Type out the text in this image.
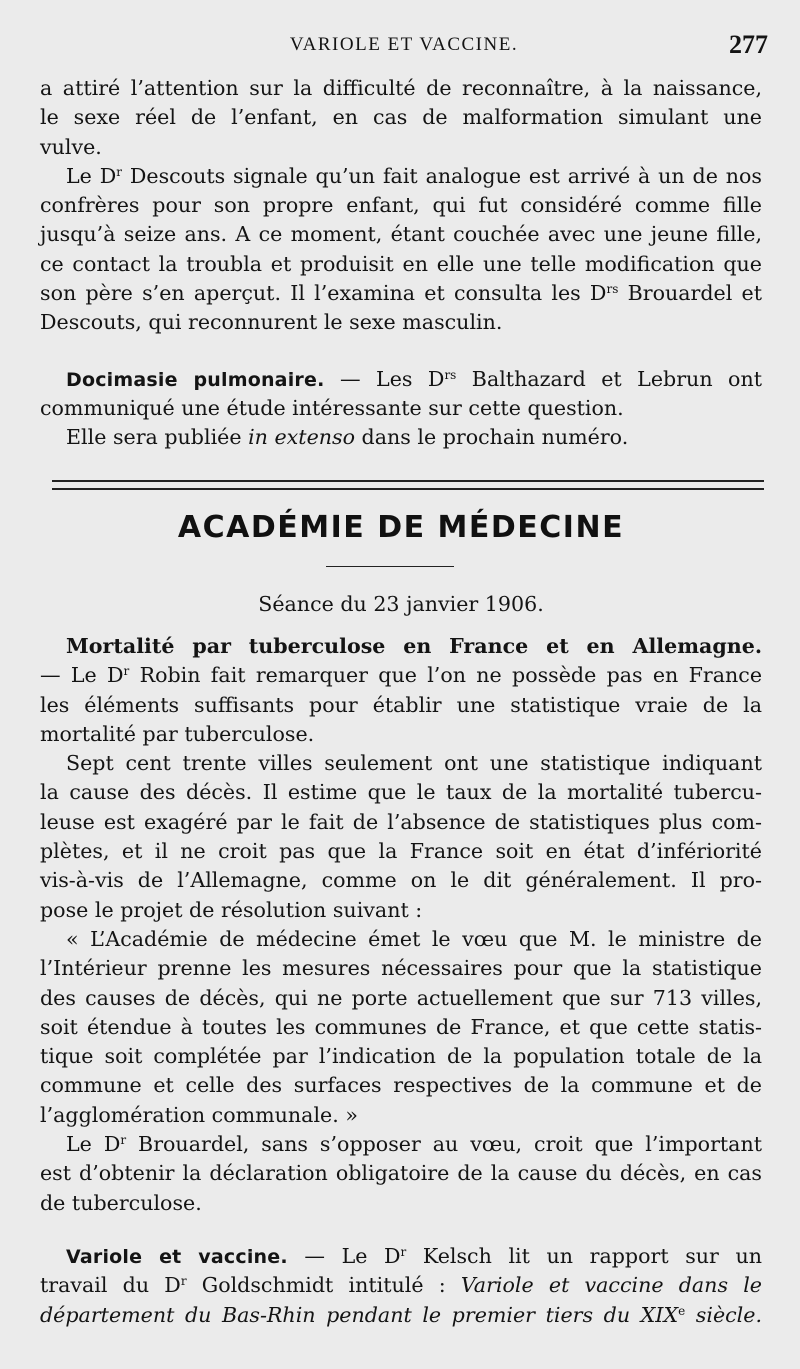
VARIOLE ET VACCINE.	277
a attiré l’attention sur la difficulté de reconnaître, à la naissance,
le sexe réel de l’enfant, en cas de malformation simulant une
vulve.
Le $D^r$ Descouts signale qu’un fait analogue est arrivé à un de nos
confrères pour son propre enfant, qui fut considéré comme fille
jusqu’à seize ans. A ce moment, étant couchée avec une jeune fille,
ce contact la troubla et produisit en elle une telle modification que
son père s’en aperçut. Il l’examina et consulta les $D^{rs}$ Brouardel et
Descouts, qui reconnurent le sexe masculin.
Docimasie pulmonaire. — Les $D^{rs}$ Balthazard et Lebrun ont
communiqué une étude intéressante sur cette question.
Elle sera publiée in extenso dans le prochain numéro.
ACADÉMIE DE MÉDECINE
Séance du 23 janvier 1906.
Mortalité par tuberculose en France et en Allemagne.
— Le $D^r$ Robin fait remarquer que l’on ne possède pas en France
les éléments suffisants pour établir une statistique vraie de la
mortalité par tuberculose.
Sept cent trente villes seulement ont une statistique indiquant
la cause des décès. Il estime que le taux de la mortalité tubercu-
leuse est exagéré par le fait de l’absence de statistiques plus com-
plètes, et il ne croit pas que la France soit en état d’infériorité
vis-à-vis de l’Allemagne, comme on le dit généralement. Il pro-
pose le projet de résolution suivant :
« L’Académie de médecine émet le vœu que M. le ministre de
l’Intérieur prenne les mesures nécessaires pour que la statistique
des causes de décès, qui ne porte actuellement que sur 713 villes,
soit étendue à toutes les communes de France, et que cette statis-
tique soit complétée par l’indication de la population totale de la
commune et celle des surfaces respectives de la commune et de
l’agglomération communale. »
Le $D^r$ Brouardel, sans s’opposer au vœu, croit que l’important
est d’obtenir la déclaration obligatoire de la cause du décès, en cas
de tuberculose.
Variole et vaccine. — Le $D^r$ Kelsch lit un rapport sur un
travail du $D^r$ Goldschmidt intitulé : Variole et vaccine dans le
département du Bas-Rhin pendant le premier tiers du XIXe siècle.
